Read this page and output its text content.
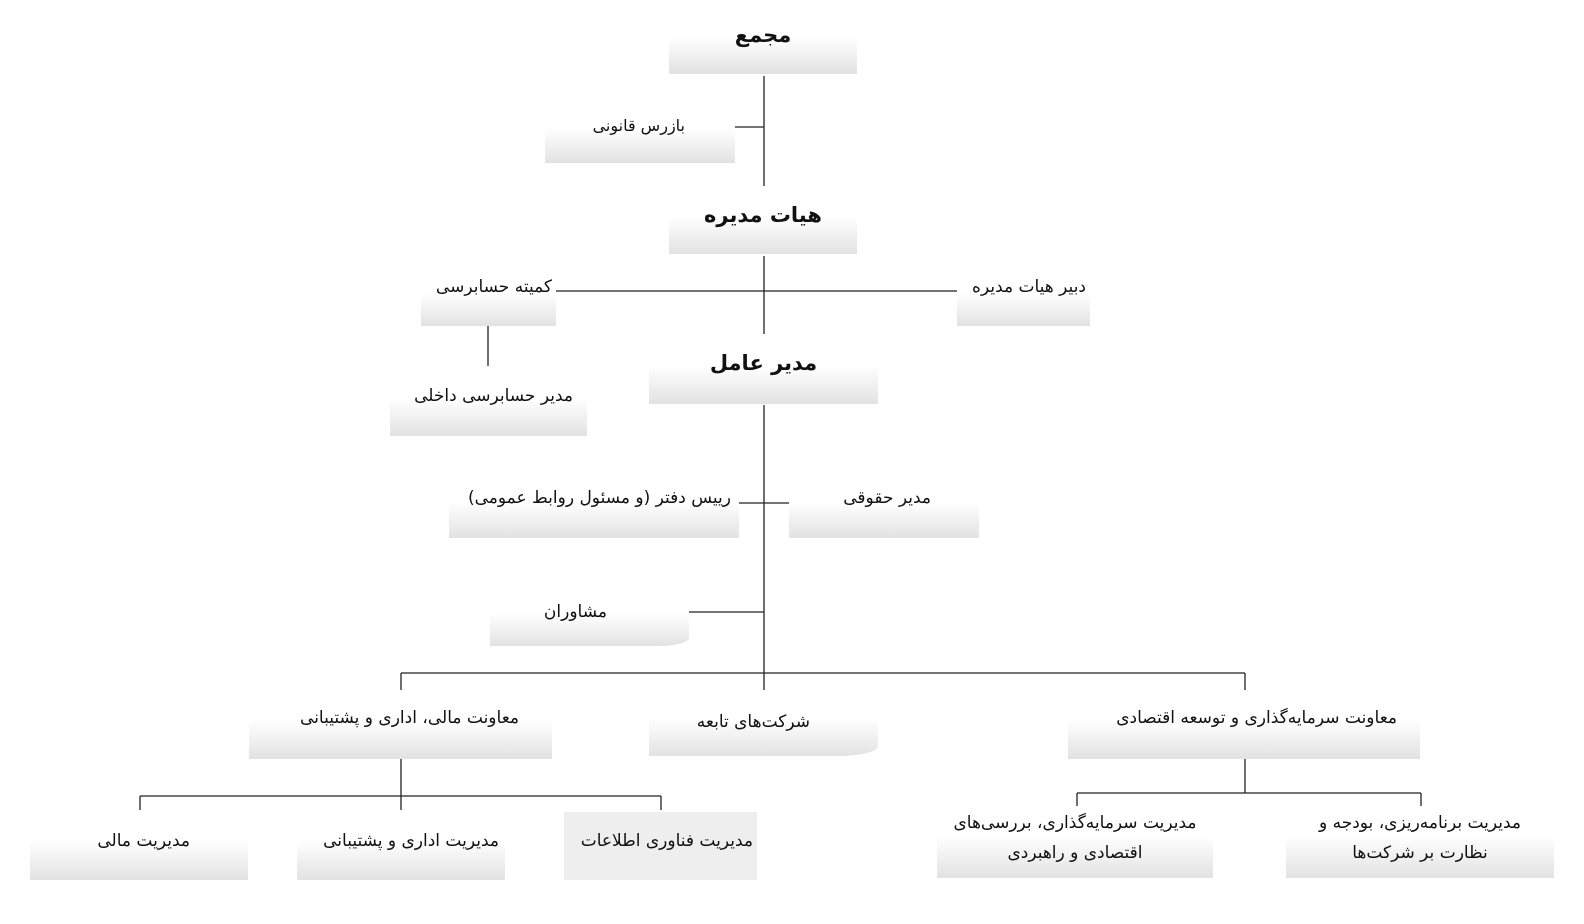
مجمع
بازرس قانونی
هیات مدیره
کمیته حسابرسی	دبیر هیات مدیره
مدیر عامل
مدیر حسابرسی داخلی
رییس دفتر (و مسئول روابط عمومی)	مدیر حقوقی
مشاوران
معاونت مالی، اداری و پشتیبانی	شرکت‌های تابعه	معاونت سرمایه‌گذاری و توسعه اقتصادی
مدیریت مالی	مدیریت اداری و پشتیبانی	مدیریت فناوری اطلاعات
مدیریت سرمایه‌گذاری، بررسی‌های اقتصادی و راهبردی
مدیریت برنامه‌ریزی، بودجه و نظارت بر شرکت‌ها
